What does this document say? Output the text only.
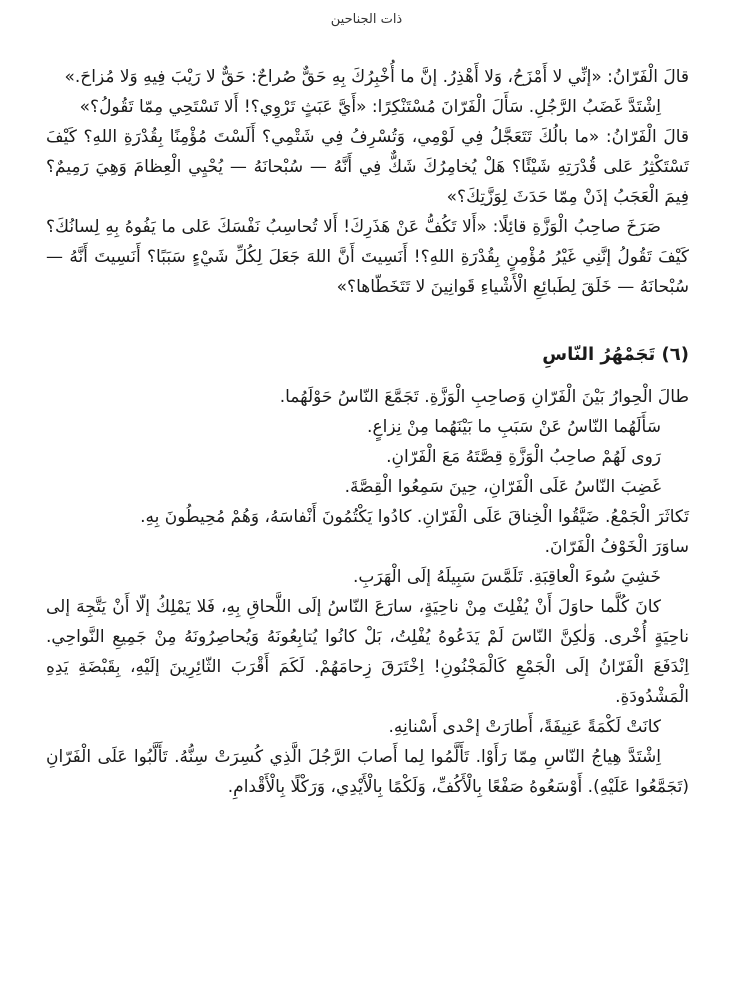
ذات الجناحين

قالَ الْفَرّانُ: «إنِّي لا أَمْزَحُ، وَلا أَهْذِرُ. إنَّ ما أُخْبِرُكَ بِهِ حَقٌّ صُراحٌ: حَقٌّ لا رَيْبَ فِيهِ وَلا مُزاحَ.»

اِشْتَدَّ غَضَبُ الرَّجُلِ. سَأَلَ الْفَرّانَ مُسْتَنْكِرًا: «أَيَّ عَبَثٍ تَرْوِي؟! أَلا تَسْتَحِي مِمّا تَقُولُ؟»

قالَ الْفَرّانُ: «ما بالُكَ تَتَعَجَّلُ فِي لَوْمِي، وَتُسْرِفُ فِي شَتْمِي؟ أَلَسْتَ مُؤْمِنًا بِقُدْرَةِ اللهِ؟ كَيْفَ تَسْتَكْثِرُ عَلى قُدْرَتِهِ شَيْئًا؟ هَلْ يُخامِرُكَ شَكٌّ فِي أَنَّهُ — سُبْحانَهُ — يُحْيِي الْعِظامَ وَهِيَ رَمِيمٌ؟ فِيمَ الْعَجَبُ إذَنْ مِمّا حَدَثَ لِوَزَّتِكَ؟»

صَرَخَ صاحِبُ الْوَزَّةِ قائِلًا: «أَلا تَكُفُّ عَنْ هَذَرِكَ! أَلا تُحاسِبُ نَفْسَكَ عَلى ما يَفُوهُ بِهِ لِسانُكَ؟ كَيْفَ تَقُولُ إنَّنِي غَيْرُ مُؤْمِنٍ بِقُدْرَةِ اللهِ؟! أَنَسِيتَ أَنَّ اللهَ جَعَلَ لِكُلِّ شَيْءٍ سَبَبًا؟ أَنَسِيتَ أَنَّهُ — سُبْحانَهُ — خَلَقَ لِطَبائِعِ الْأَشْياءِ قَوانِينَ لا تَتَخَطّاها؟»

(٦) تَجَمْهُرُ النّاسِ

طالَ الْحِوارُ بَيْنَ الْفَرّانِ وَصاحِبِ الْوَزَّةِ. تَجَمَّعَ النّاسُ حَوْلَهُما.

سَأَلَهُما النّاسُ عَنْ سَبَبِ ما بَيْنَهُما مِنْ نِزاعٍ.

رَوى لَهُمْ صاحِبُ الْوَزَّةِ قِصَّتَهُ مَعَ الْفَرّانِ.

غَضِبَ النّاسُ عَلَى الْفَرّانِ، حِينَ سَمِعُوا الْقِصَّةَ.

تَكاثَرَ الْجَمْعُ. ضَيَّقُوا الْخِناقَ عَلَى الْفَرّانِ. كادُوا يَكْتُمُونَ أَنْفاسَهُ، وَهُمْ مُحِيطُونَ بِهِ.

ساوَرَ الْخَوْفُ الْفَرّانَ.

خَشِيَ سُوءَ الْعاقِبَةِ. تَلَمَّسَ سَبِيلَهُ إلَى الْهَرَبِ.

كانَ كُلَّما حاوَلَ أَنْ يُفْلِتَ مِنْ ناحِيَةٍ، سارَعَ النّاسُ إلَى اللَّحاقِ بِهِ، فَلا يَمْلِكُ إلّا أَنْ يَتَّجِهَ إلى ناحِيَةٍ أُخْرى. وَلٰكِنَّ النّاسَ لَمْ يَدَعُوهُ يُفْلِتُ، بَلْ كانُوا يُتابِعُونَهُ وَيُحاصِرُونَهُ مِنْ جَمِيعِ النَّواحِي. اِنْدَفَعَ الْفَرّانُ إلَى الْجَمْعِ كَالْمَجْنُونِ! اِخْتَرَقَ زِحامَهُمْ. لَكَمَ أَقْرَبَ الثّائِرِينَ إلَيْهِ، بِقَبْضَةِ يَدِهِ الْمَشْدُودَةِ.

كانَتْ لَكْمَةً عَنِيفَةً، أَطارَتْ إحْدى أَسْنانِهِ.

اِشْتَدَّ هِياجُ النّاسِ مِمّا رَأَوْا. تَأَلَّمُوا لِما أَصابَ الرَّجُلَ الَّذِي كُسِرَتْ سِنُّهُ. تَأَلَّبُوا عَلَى الْفَرّانِ (تَجَمَّعُوا عَلَيْهِ). أَوْسَعُوهُ صَفْعًا بِالْأَكُفِّ، وَلَكْمًا بِالْأَيْدِي، وَرَكْلًا بِالْأَقْدامِ.
